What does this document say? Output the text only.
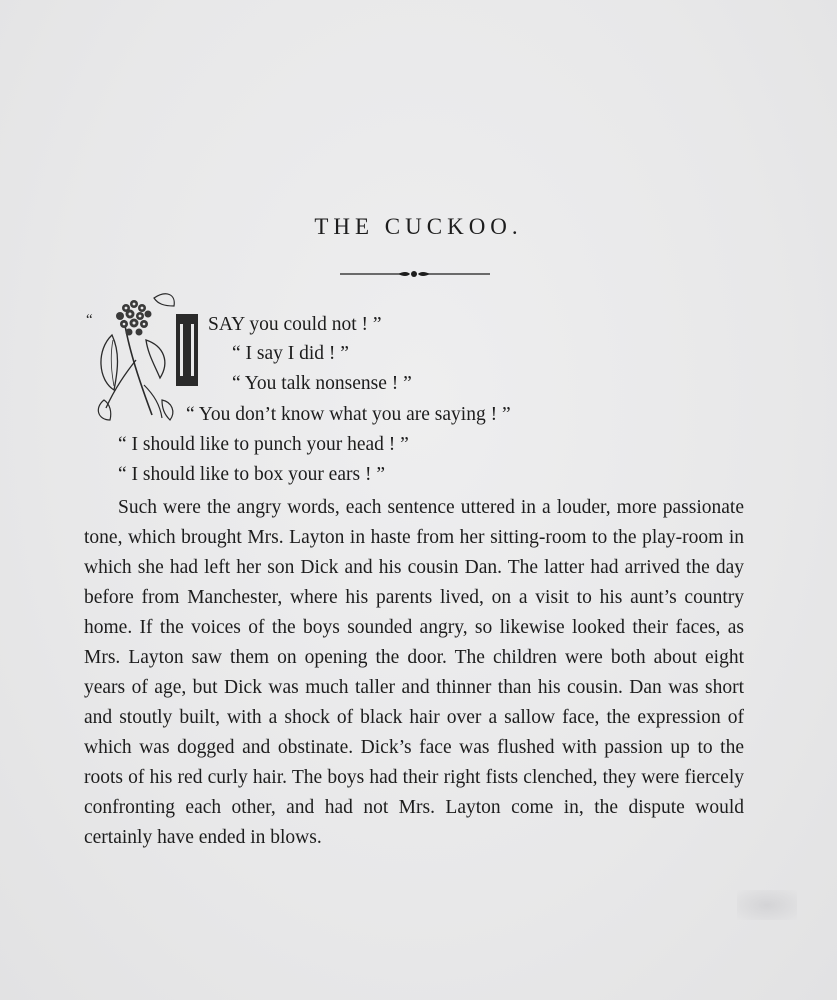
THE CUCKOO.
“	SAY you could not ! ”
“ I say I did ! ”
“ You talk nonsense ! ”
“ You don’t know what you are saying ! ”
“ I should like to punch your head ! ”
“ I should like to box your ears ! ”
Such were the angry words, each sentence uttered in a louder, more passionate tone, which brought Mrs. Layton in haste from her sitting-room to the play-room in which she had left her son Dick and his cousin Dan. The latter had arrived the day before from Manchester, where his parents lived, on a visit to his aunt’s country home. If the voices of the boys sounded angry, so likewise looked their faces, as Mrs. Layton saw them on opening the door. The children were both about eight years of age, but Dick was much taller and thinner than his cousin. Dan was short and stoutly built, with a shock of black hair over a sallow face, the expression of which was dogged and obstinate. Dick’s face was flushed with passion up to the roots of his red curly hair. The boys had their right fists clenched, they were fiercely confronting each other, and had not Mrs. Layton come in, the dispute would certainly have ended in blows.
